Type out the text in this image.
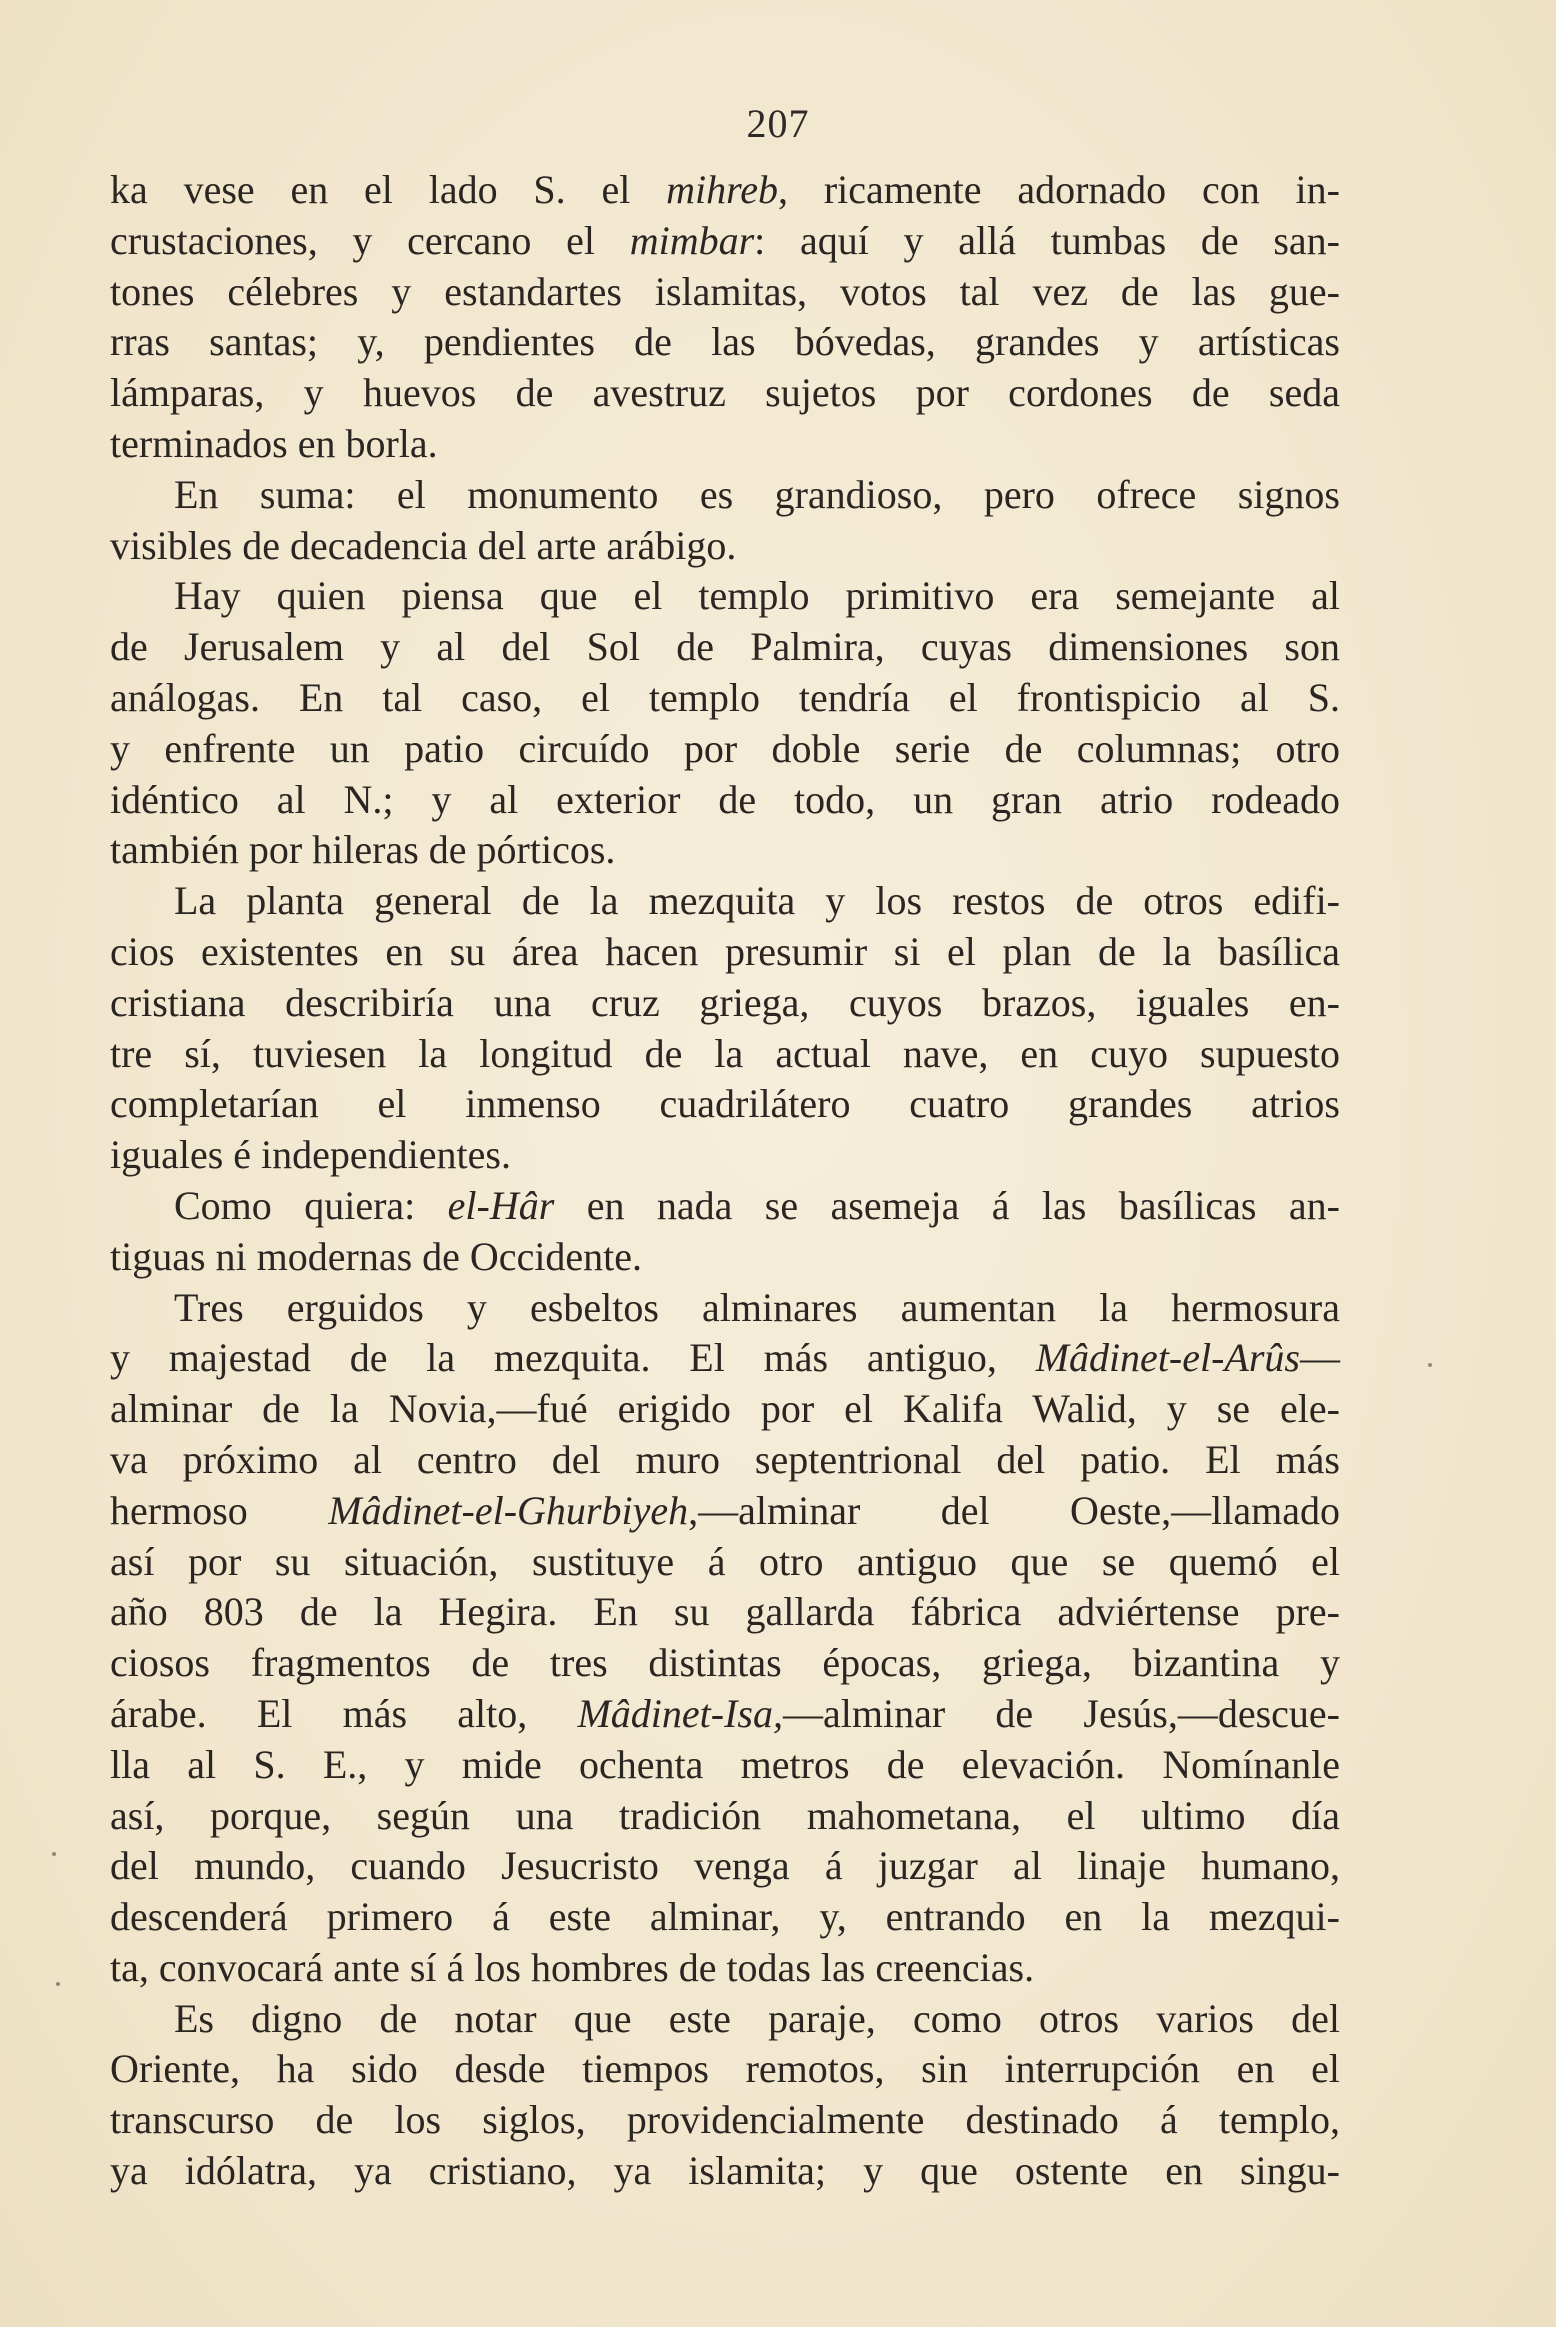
207
ka vese en el lado S. el mihreb, ricamente adornado con in-
crustaciones, y cercano el mimbar: aquí y allá tumbas de san-
tones célebres y estandartes islamitas, votos tal vez de las gue-
rras santas; y, pendientes de las bóvedas, grandes y artísticas
lámparas, y huevos de avestruz sujetos por cordones de seda
terminados en borla.
En suma: el monumento es grandioso, pero ofrece signos
visibles de decadencia del arte arábigo.
Hay quien piensa que el templo primitivo era semejante al
de Jerusalem y al del Sol de Palmira, cuyas dimensiones son
análogas. En tal caso, el templo tendría el frontispicio al S.
y enfrente un patio circuído por doble serie de columnas; otro
idéntico al N.; y al exterior de todo, un gran atrio rodeado
también por hileras de pórticos.
La planta general de la mezquita y los restos de otros edifi-
cios existentes en su área hacen presumir si el plan de la basílica
cristiana describiría una cruz griega, cuyos brazos, iguales en-
tre sí, tuviesen la longitud de la actual nave, en cuyo supuesto
completarían el inmenso cuadrilátero cuatro grandes atrios
iguales é independientes.
Como quiera: el-Hâr en nada se asemeja á las basílicas an-
tiguas ni modernas de Occidente.
Tres erguidos y esbeltos alminares aumentan la hermosura
y majestad de la mezquita. El más antiguo, Mâdinet-el-Arûs—
alminar de la Novia,—fué erigido por el Kalifa Walid, y se ele-
va próximo al centro del muro septentrional del patio. El más
hermoso Mâdinet-el-Ghurbiyeh,—alminar del Oeste,—llamado
así por su situación, sustituye á otro antiguo que se quemó el
año 803 de la Hegira. En su gallarda fábrica adviértense pre-
ciosos fragmentos de tres distintas épocas, griega, bizantina y
árabe. El más alto, Mâdinet-Isa,—alminar de Jesús,—descue-
lla al S. E., y mide ochenta metros de elevación. Nomínanle
así, porque, según una tradición mahometana, el ultimo día
del mundo, cuando Jesucristo venga á juzgar al linaje humano,
descenderá primero á este alminar, y, entrando en la mezqui-
ta, convocará ante sí á los hombres de todas las creencias.
Es digno de notar que este paraje, como otros varios del
Oriente, ha sido desde tiempos remotos, sin interrupción en el
transcurso de los siglos, providencialmente destinado á templo,
ya idólatra, ya cristiano, ya islamita; y que ostente en singu-
